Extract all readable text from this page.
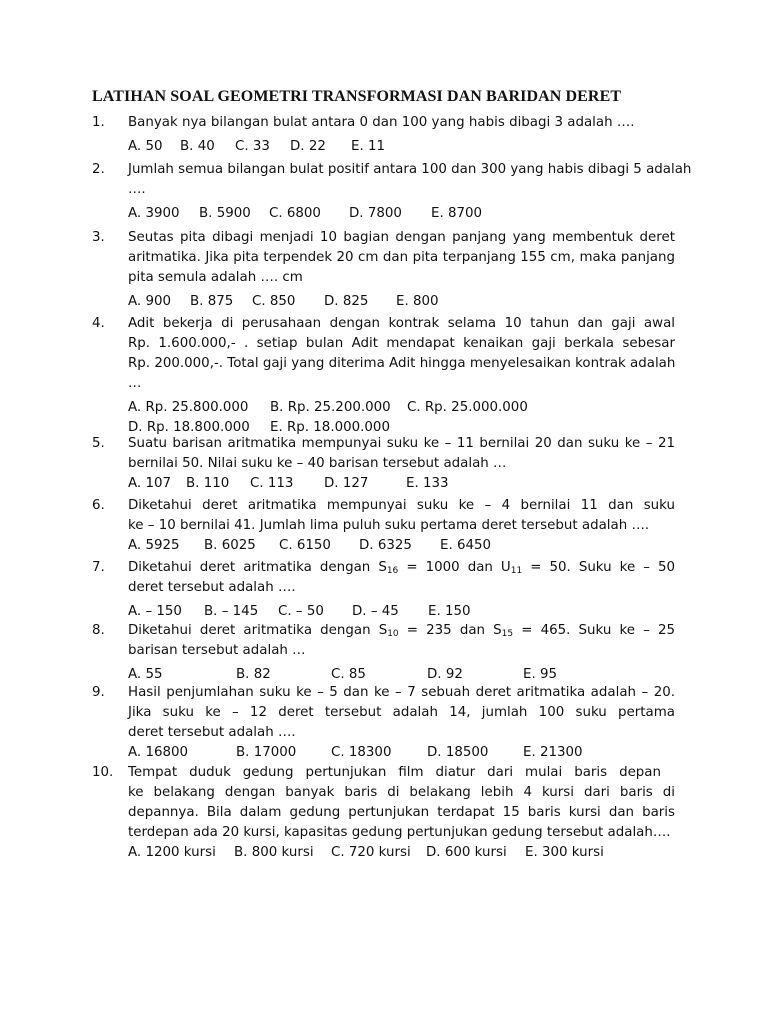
LATIHAN SOAL GEOMETRI TRANSFORMASI DAN BARIDAN DERET
1.	Banyak nya bilangan bulat antara 0 dan 100 yang habis dibagi 3 adalah ….
A. 50 B. 40 C. 33 D. 22 E. 11
2.	Jumlah semua bilangan bulat positif antara 100 dan 300 yang habis dibagi 5 adalah
….
A. 3900 B. 5900 C. 6800 D. 7800 E. 8700
3.	Seutas pita dibagi menjadi 10 bagian dengan panjang yang membentuk deret
aritmatika. Jika pita terpendek 20 cm dan pita terpanjang 155 cm, maka panjang
pita semula adalah …. cm
A. 900 B. 875 C. 850 D. 825 E. 800
4.	Adit bekerja di perusahaan dengan kontrak selama 10 tahun dan gaji awal
Rp. 1.600.000,- . setiap bulan Adit mendapat kenaikan gaji berkala sebesar
Rp. 200.000,-. Total gaji yang diterima Adit hingga menyelesaikan kontrak adalah
…
A. Rp. 25.800.000 B. Rp. 25.200.000 C. Rp. 25.000.000
D. Rp. 18.800.000 E. Rp. 18.000.000
5.	Suatu barisan aritmatika mempunyai suku ke – 11 bernilai 20 dan suku ke – 21
bernilai 50. Nilai suku ke – 40 barisan tersebut adalah …
A. 107 B. 110 C. 113 D. 127	E. 133
6.	Diketahui deret aritmatika mempunyai suku ke – 4 bernilai 11 dan suku
ke – 10 bernilai 41. Jumlah lima puluh suku pertama deret tersebut adalah ….
A. 5925 B. 6025 C. 6150 D. 6325 E. 6450
7.	Diketahui deret aritmatika dengan $S_{16} = 1000$ dan $U_{11} = 50$. Suku ke – 50
deret tersebut adalah ….
A. – 150 B. – 145 C. – 50 D. – 45 E. 150
8.	Diketahui deret aritmatika dengan $S_{10} = 235$ dan $S_{15} = 465$. Suku ke – 25
barisan tersebut adalah …
A. 55	B. 82	C. 85	D. 92	E. 95
9.	Hasil penjumlahan suku ke – 5 dan ke – 7 sebuah deret aritmatika adalah – 20.
Jika suku ke – 12 deret tersebut adalah 14, jumlah 100 suku pertama
deret tersebut adalah ….
A. 16800	B. 17000	C. 18300	D. 18500	E. 21300
10.	Tempat duduk gedung pertunjukan film diatur dari mulai baris depan
ke belakang dengan banyak baris di belakang lebih 4 kursi dari baris di
depannya. Bila dalam gedung pertunjukan terdapat 15 baris kursi dan baris
terdepan ada 20 kursi, kapasitas gedung pertunjukan gedung tersebut adalah….
A. 1200 kursi B. 800 kursi C. 720 kursi D. 600 kursi E. 300 kursi
